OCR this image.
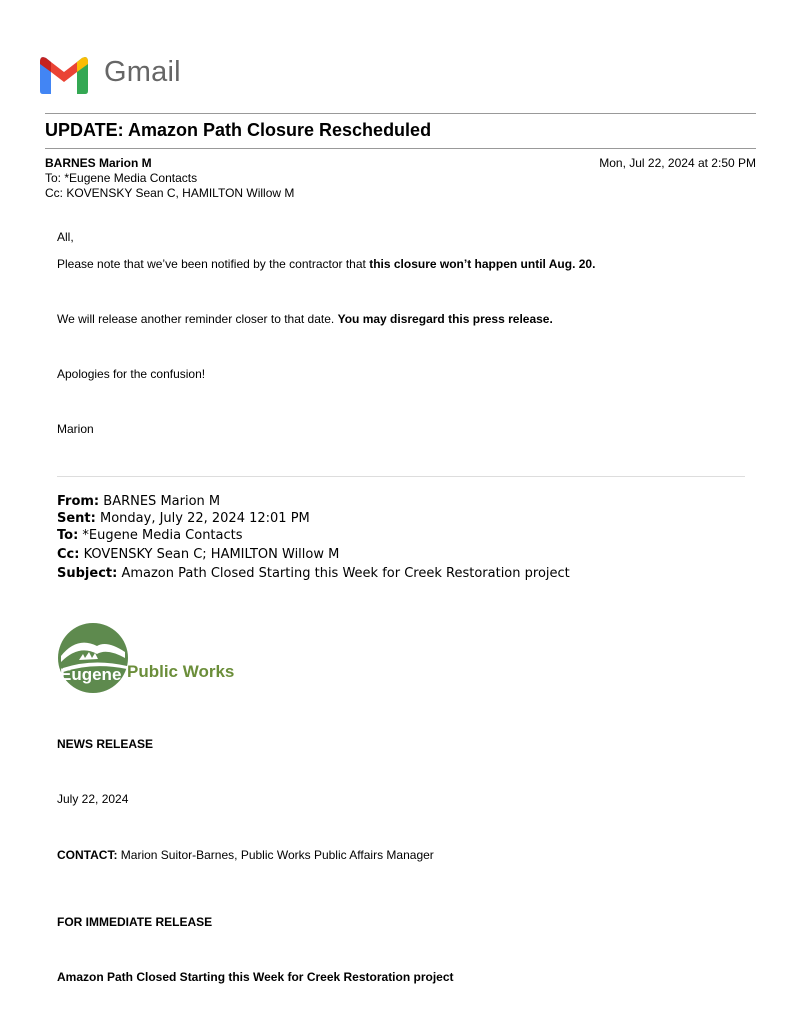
Gmail
UPDATE: Amazon Path Closure Rescheduled
BARNES Marion M	Mon, Jul 22, 2024 at 2:50 PM
To: *Eugene Media Contacts
Cc: KOVENSKY Sean C, HAMILTON Willow M
All,
Please note that we’ve been notified by the contractor that this closure won’t happen until Aug. 20.
We will release another reminder closer to that date. You may disregard this press release.
Apologies for the confusion!
Marion
From: BARNES Marion M
Sent: Monday, July 22, 2024 12:01 PM
To: *Eugene Media Contacts
Cc: KOVENSKY Sean C; HAMILTON Willow M
Subject: Amazon Path Closed Starting this Week for Creek Restoration project
Eugene Public Works
NEWS RELEASE
July 22, 2024
CONTACT: Marion Suitor-Barnes, Public Works Public Affairs Manager
FOR IMMEDIATE RELEASE
Amazon Path Closed Starting this Week for Creek Restoration project
